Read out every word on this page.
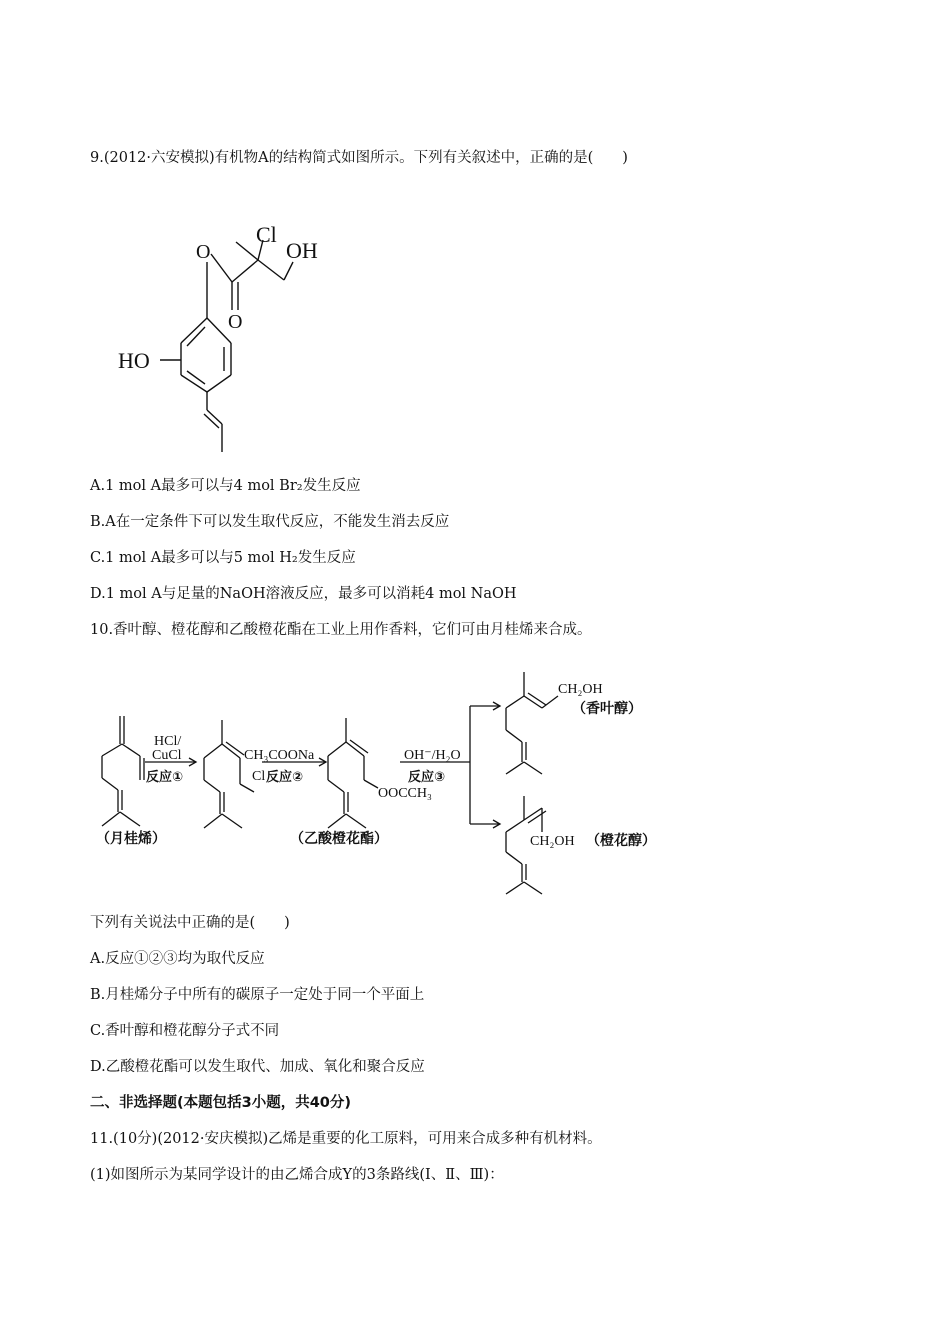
9.(2012·六安模拟)有机物A的结构简式如图所示。下列有关叙述中，正确的是(　　)
O
O
Cl
OH
HO
A.1 mol A最多可以与4 mol Br₂发生反应
B.A在一定条件下可以发生取代反应，不能发生消去反应
C.1 mol A最多可以与5 mol H₂发生反应
D.1 mol A与足量的NaOH溶液反应，最多可以消耗4 mol NaOH
10.香叶醇、橙花醇和乙酸橙花酯在工业上用作香料，它们可由月桂烯来合成。
HCl/
CuCl
反应①	Cl
CH₃COONa
反应②
OOCCH₃
OH⁻/H₂O
反应③
CH₂OH
CH₂OH
（月桂烯）	（乙酸橙花酯）
（香叶醇）
（橙花醇）
下列有关说法中正确的是(　　)
A.反应①②③均为取代反应
B.月桂烯分子中所有的碳原子一定处于同一个平面上
C.香叶醇和橙花醇分子式不同
D.乙酸橙花酯可以发生取代、加成、氧化和聚合反应
二、非选择题(本题包括3小题，共40分)
11.(10分)(2012·安庆模拟)乙烯是重要的化工原料，可用来合成多种有机材料。
(1)如图所示为某同学设计的由乙烯合成Y的3条路线(Ⅰ、Ⅱ、Ⅲ)：
